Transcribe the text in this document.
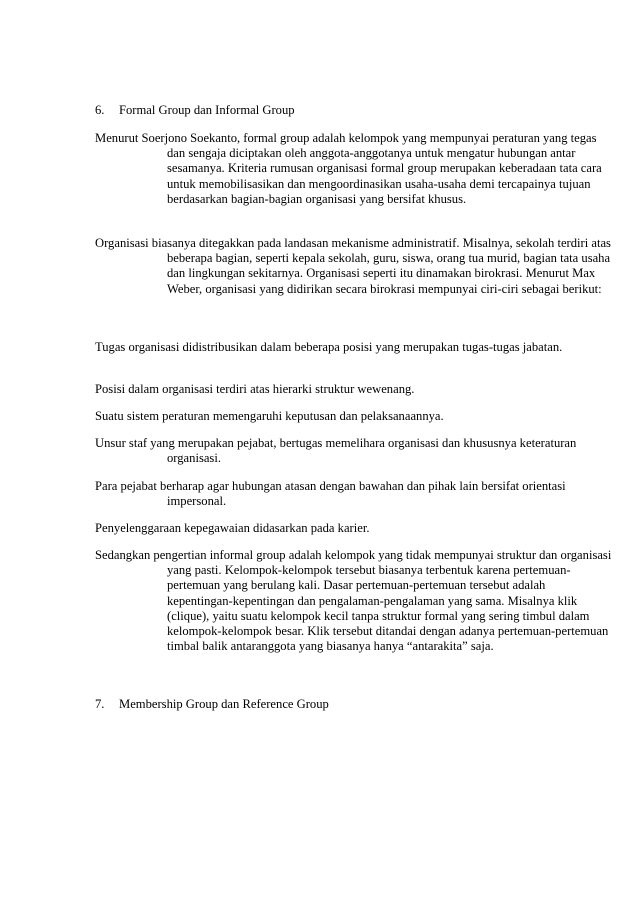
6. Formal Group dan Informal Group
Menurut Soerjono Soekanto, formal group adalah kelompok yang mempunyai peraturan yang tegas dan sengaja diciptakan oleh anggota-anggotanya untuk mengatur hubungan antar sesamanya. Kriteria rumusan organisasi formal group merupakan keberadaan tata cara untuk memobilisasikan dan mengoordinasikan usaha-usaha demi tercapainya tujuan berdasarkan bagian-bagian organisasi yang bersifat khusus.
Organisasi biasanya ditegakkan pada landasan mekanisme administratif. Misalnya, sekolah terdiri atas beberapa bagian, seperti kepala sekolah, guru, siswa, orang tua murid, bagian tata usaha dan lingkungan sekitarnya. Organisasi seperti itu dinamakan birokrasi. Menurut Max Weber, organisasi yang didirikan secara birokrasi mempunyai ciri-ciri sebagai berikut:
Tugas organisasi didistribusikan dalam beberapa posisi yang merupakan tugas-tugas jabatan.
Posisi dalam organisasi terdiri atas hierarki struktur wewenang.
Suatu sistem peraturan memengaruhi keputusan dan pelaksanaannya.
Unsur staf yang merupakan pejabat, bertugas memelihara organisasi dan khususnya keteraturan organisasi.
Para pejabat berharap agar hubungan atasan dengan bawahan dan pihak lain bersifat orientasi impersonal.
Penyelenggaraan kepegawaian didasarkan pada karier.
Sedangkan pengertian informal group adalah kelompok yang tidak mempunyai struktur dan organisasi yang pasti. Kelompok-kelompok tersebut biasanya terbentuk karena pertemuan-pertemuan yang berulang kali. Dasar pertemuan-pertemuan tersebut adalah kepentingan-kepentingan dan pengalaman-pengalaman yang sama. Misalnya klik (clique), yaitu suatu kelompok kecil tanpa struktur formal yang sering timbul dalam kelompok-kelompok besar. Klik tersebut ditandai dengan adanya pertemuan-pertemuan timbal balik antaranggota yang biasanya hanya “antarakita” saja.
7. Membership Group dan Reference Group
